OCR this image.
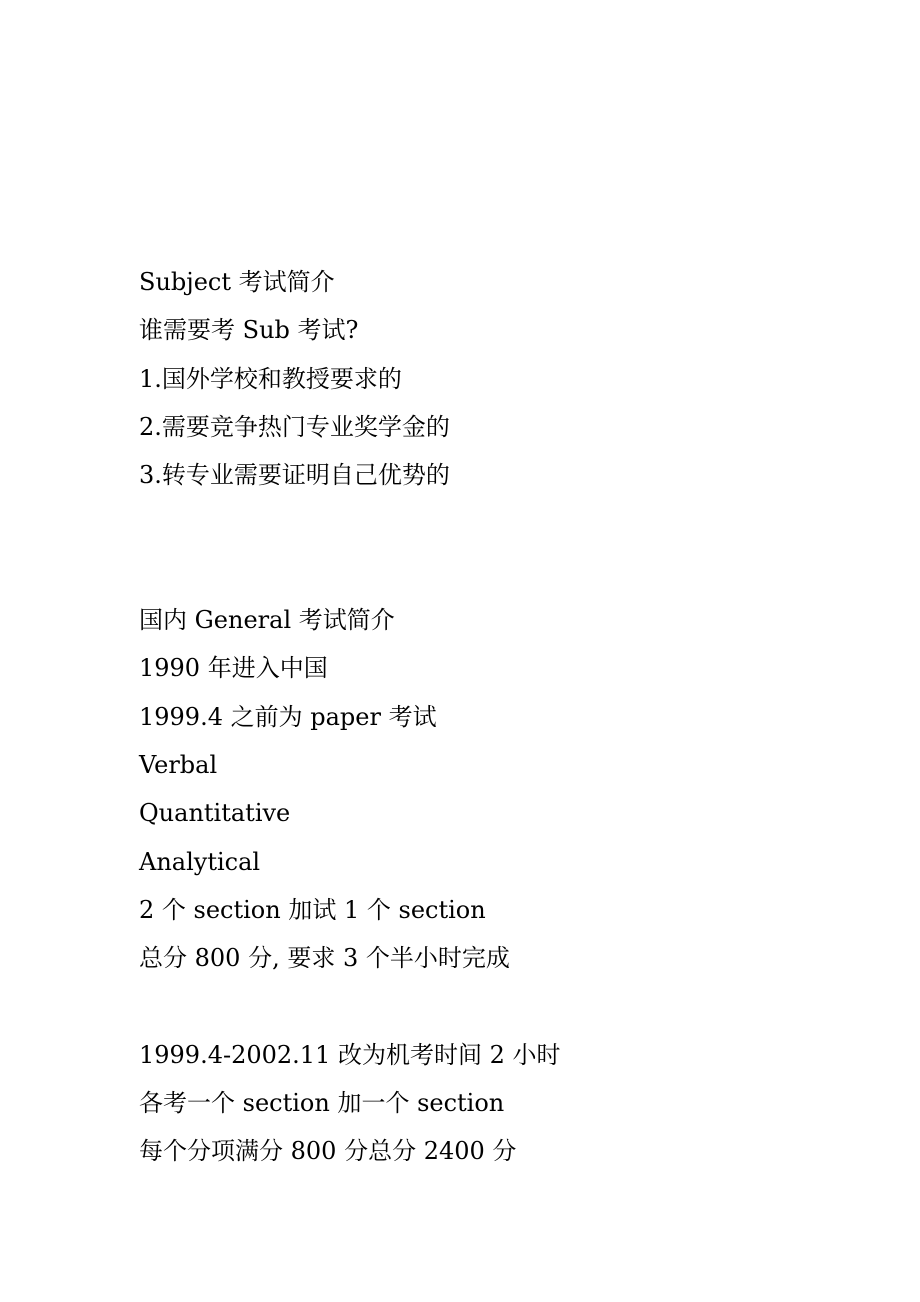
Subject 考试简介
谁需要考 Sub 考试?
1.国外学校和教授要求的
2.需要竞争热门专业奖学金的
3.转专业需要证明自己优势的
国内 General 考试简介
1990 年进入中国
1999.4 之前为 paper 考试
Verbal
Quantitative
Analytical
2 个 section 加试 1 个 section
总分 800 分, 要求 3 个半小时完成
1999.4-2002.11 改为机考时间 2 小时
各考一个 section 加一个 section
每个分项满分 800 分总分 2400 分
